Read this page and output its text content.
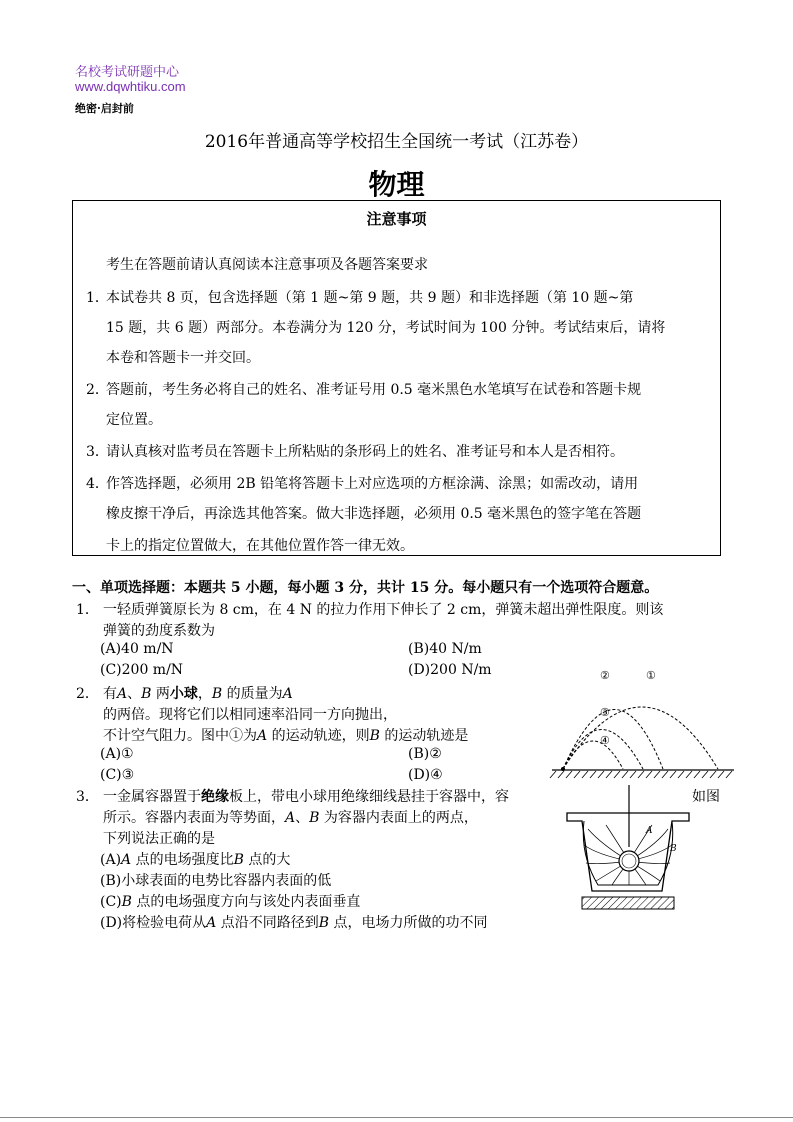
名校考试研题中心
www.dqwhtiku.com
绝密·启封前
2016年普通高等学校招生全国统一考试（江苏卷）
物理
注意事项
考生在答题前请认真阅读本注意事项及各题答案要求
1．
本试卷共 8 页，包含选择题（第 1 题~第 9 题，共 9 题）和非选择题（第 10 题~第
15 题，共 6 题）两部分。本卷满分为 120 分，考试时间为 100 分钟。考试结束后，请将
本卷和答题卡一并交回。
2．
答题前，考生务必将自己的姓名、准考证号用 0.5 毫米黑色水笔填写在试卷和答题卡规
定位置。
3．
请认真核对监考员在答题卡上所粘贴的条形码上的姓名、准考证号和本人是否相符。
4．
作答选择题，必须用 2B 铅笔将答题卡上对应选项的方框涂满、涂黑；如需改动，请用
橡皮擦干净后，再涂选其他答案。做大非选择题，必须用 0.5 毫米黑色的签字笔在答题
卡上的指定位置做大，在其他位置作答一律无效。
一、单项选择题：本题共 5 小题，每小题 3 分，共计 15 分。每小题只有一个选项符合题意。
1． 一轻质弹簧原长为 8 cm，在 4 N 的拉力作用下伸长了 2 cm，弹簧未超出弹性限度。则该
弹簧的劲度系数为
(A)40 m/N	(B)40 N/m
(C)200 m/N	(D)200 N/m
2． 有A、B 两小球，B 的质量为A
的两倍。现将它们以相同速率沿同一方向抛出，
不计空气阻力。图中①为A 的运动轨迹，则B 的运动轨迹是
(A)①	(B)②
(C)③	(D)④
①
②
③
④
3． 一金属容器置于绝缘板上，带电小球用绝缘细线悬挂于容器中，容	如图
所示。容器内表面为等势面，A、B 为容器内表面上的两点，
下列说法正确的是
(A)A 点的电场强度比B 点的大
(B)小球表面的电势比容器内表面的低
(C)B 点的电场强度方向与该处内表面垂直
(D)将检验电荷从A 点沿不同路径到B 点，电场力所做的功不同
A
B
